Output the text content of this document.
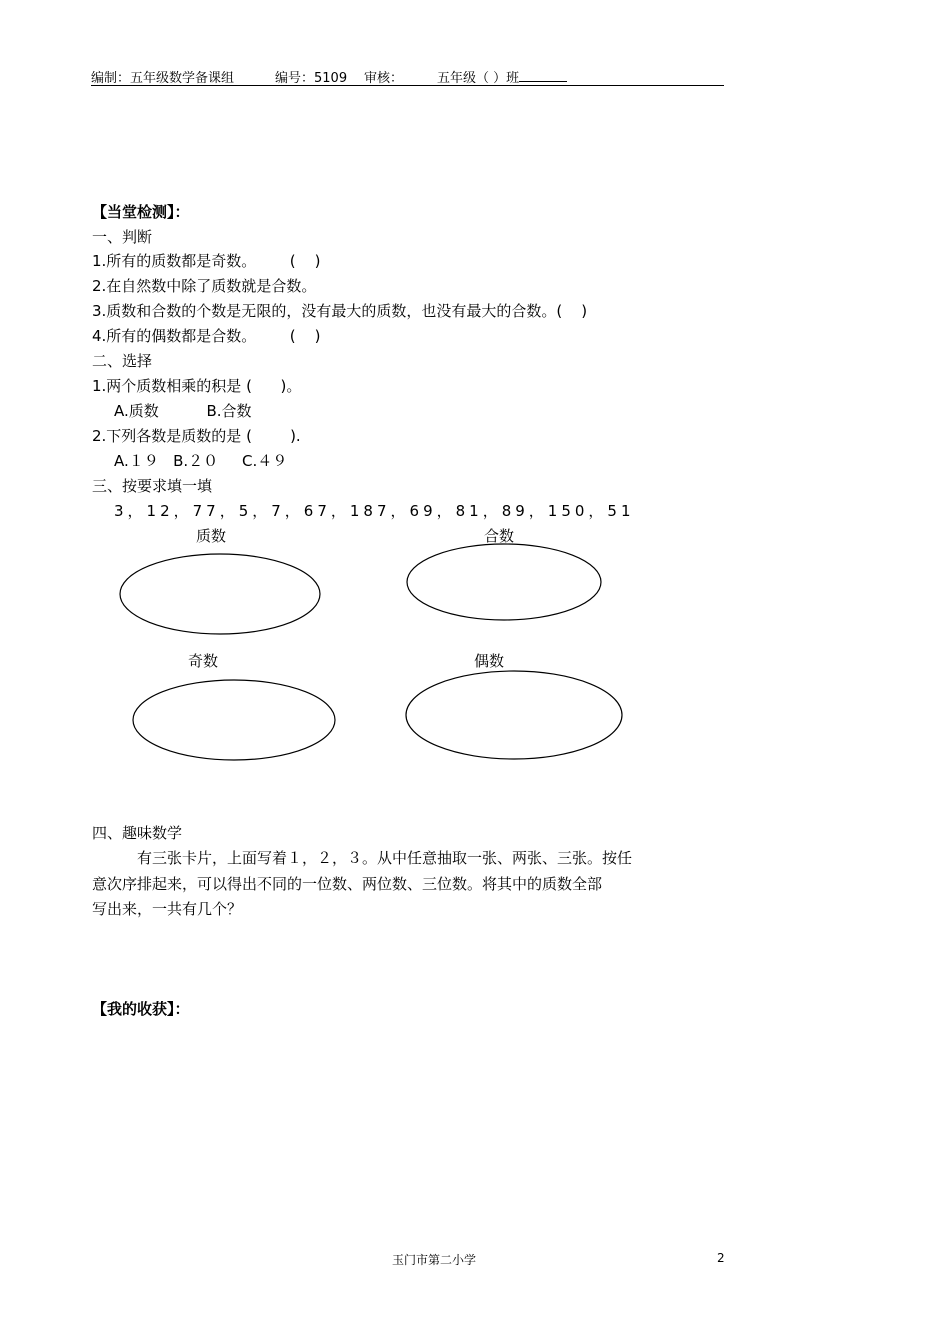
编制：五年级数学备课组	编号：5109 审核：	五年级（ ）班
【当堂检测】：
一、判断
1.所有的质数都是奇数。       (    )
2.在自然数中除了质数就是合数。
3.质数和合数的个数是无限的，没有最大的质数，也没有最大的合数。(    )
4.所有的偶数都是合数。       (    )
二、选择
1.两个质数相乘的积是 (      )。
A.质数          B.合数
2.下列各数是质数的是 (        ).
A.１９   B.２０     C.４９
三、按要求填一填
3，12，77，5，7，67，187，69，81，89，150，51
质数	合数
奇数	偶数
四、趣味数学

有三张卡片，上面写着１，２，３。从中任意抽取一张、两张、三张。按任

意次序排起来，可以得出不同的一位数、两位数、三位数。将其中的质数全部

写出来，一共有几个？

【我的收获】：
玉门市第二小学	2
